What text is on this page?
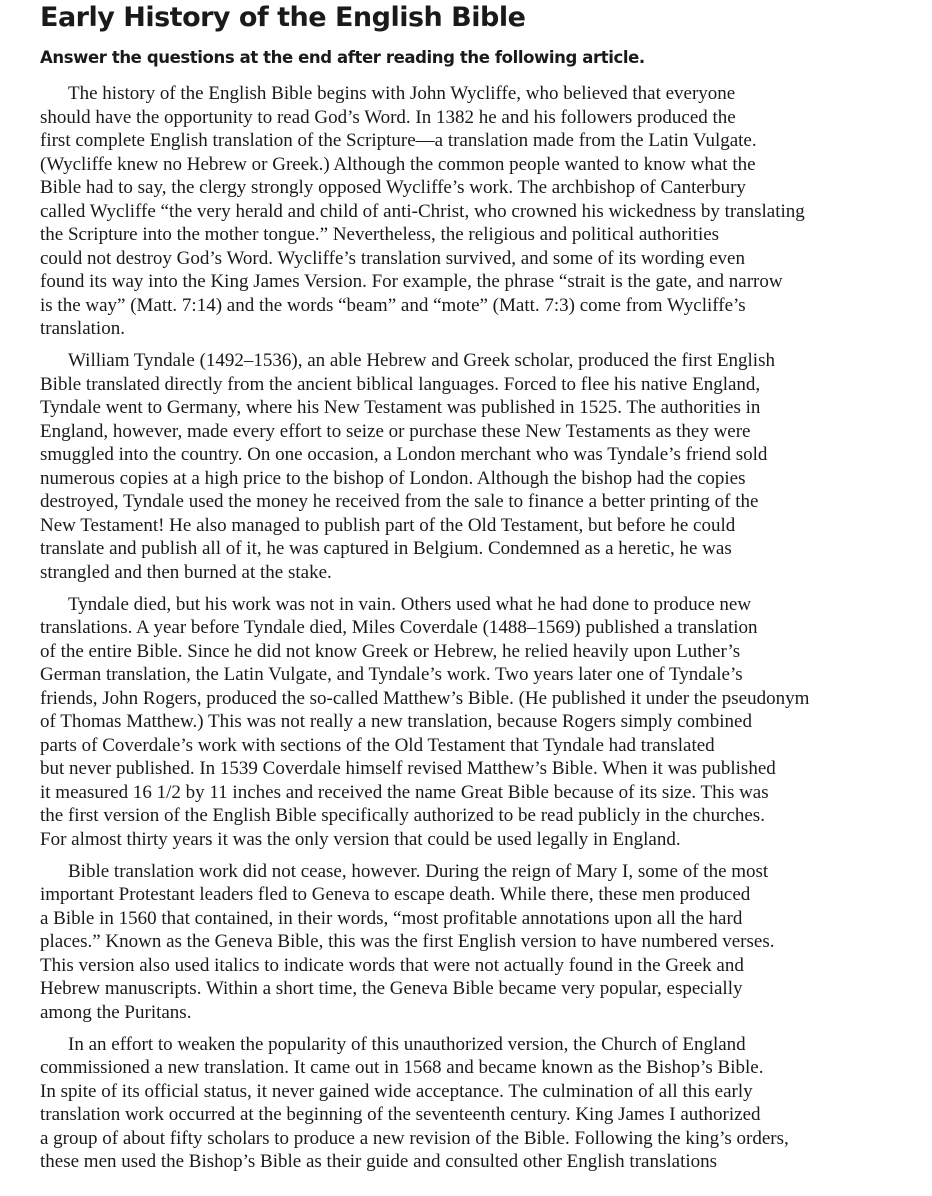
Early History of the English Bible

Answer the questions at the end after reading the following article.

The history of the English Bible begins with John Wycliffe, who believed that everyone
should have the opportunity to read God’s Word. In 1382 he and his followers produced the
first complete English translation of the Scripture—a translation made from the Latin Vulgate.
(Wycliffe knew no Hebrew or Greek.) Although the common people wanted to know what the
Bible had to say, the clergy strongly opposed Wycliffe’s work. The archbishop of Canterbury
called Wycliffe “the very herald and child of anti-Christ, who crowned his wickedness by translating
the Scripture into the mother tongue.” Nevertheless, the religious and political authorities
could not destroy God’s Word. Wycliffe’s translation survived, and some of its wording even
found its way into the King James Version. For example, the phrase “strait is the gate, and narrow
is the way” (Matt. 7:14) and the words “beam” and “mote” (Matt. 7:3) come from Wycliffe’s
translation.
William Tyndale (1492–1536), an able Hebrew and Greek scholar, produced the first English
Bible translated directly from the ancient biblical languages. Forced to flee his native England,
Tyndale went to Germany, where his New Testament was published in 1525. The authorities in
England, however, made every effort to seize or purchase these New Testaments as they were
smuggled into the country. On one occasion, a London merchant who was Tyndale’s friend sold
numerous copies at a high price to the bishop of London. Although the bishop had the copies
destroyed, Tyndale used the money he received from the sale to finance a better printing of the
New Testament! He also managed to publish part of the Old Testament, but before he could
translate and publish all of it, he was captured in Belgium. Condemned as a heretic, he was
strangled and then burned at the stake.
Tyndale died, but his work was not in vain. Others used what he had done to produce new
translations. A year before Tyndale died, Miles Coverdale (1488–1569) published a translation
of the entire Bible. Since he did not know Greek or Hebrew, he relied heavily upon Luther’s
German translation, the Latin Vulgate, and Tyndale’s work. Two years later one of Tyndale’s
friends, John Rogers, produced the so-called Matthew’s Bible. (He published it under the pseudonym
of Thomas Matthew.) This was not really a new translation, because Rogers simply combined
parts of Coverdale’s work with sections of the Old Testament that Tyndale had translated
but never published. In 1539 Coverdale himself revised Matthew’s Bible. When it was published
it measured 16 1/2 by 11 inches and received the name Great Bible because of its size. This was
the first version of the English Bible specifically authorized to be read publicly in the churches.
For almost thirty years it was the only version that could be used legally in England.
Bible translation work did not cease, however. During the reign of Mary I, some of the most
important Protestant leaders fled to Geneva to escape death. While there, these men produced
a Bible in 1560 that contained, in their words, “most profitable annotations upon all the hard
places.” Known as the Geneva Bible, this was the first English version to have numbered verses.
This version also used italics to indicate words that were not actually found in the Greek and
Hebrew manuscripts. Within a short time, the Geneva Bible became very popular, especially
among the Puritans.
In an effort to weaken the popularity of this unauthorized version, the Church of England
commissioned a new translation. It came out in 1568 and became known as the Bishop’s Bible.
In spite of its official status, it never gained wide acceptance. The culmination of all this early
translation work occurred at the beginning of the seventeenth century. King James I authorized
a group of about fifty scholars to produce a new revision of the Bible. Following the king’s orders,
these men used the Bishop’s Bible as their guide and consulted other English translations
